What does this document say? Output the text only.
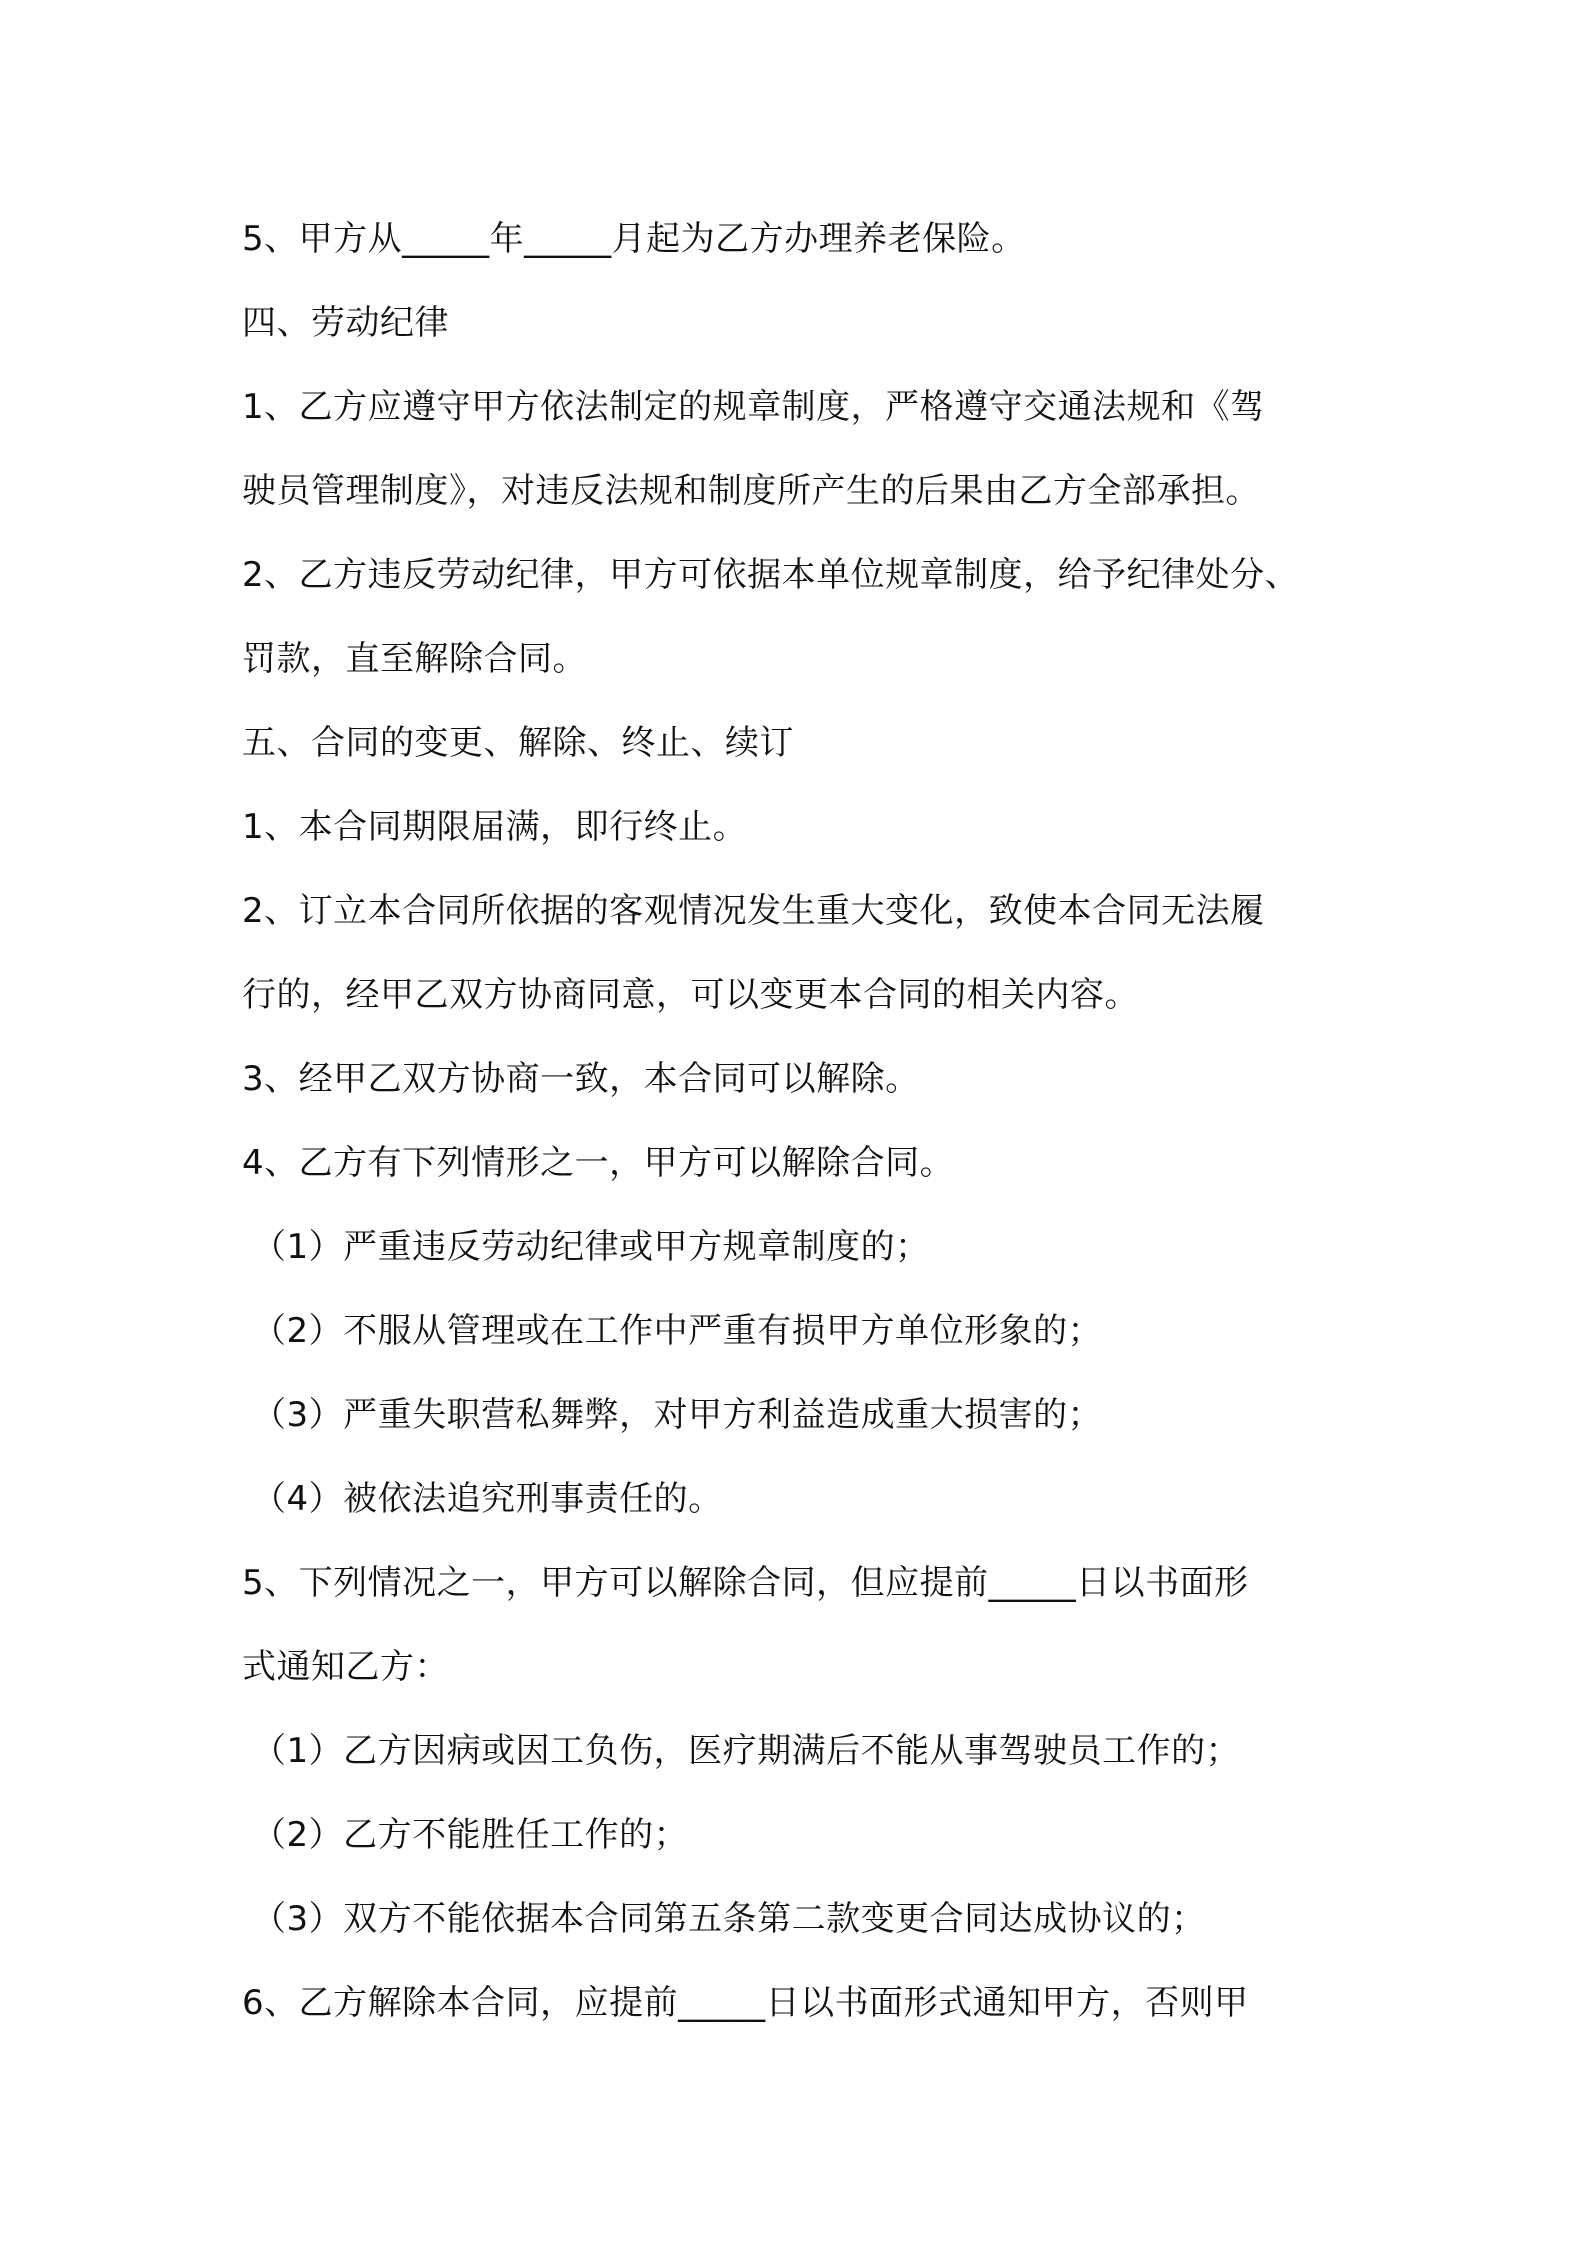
5、甲方从_____年_____月起为乙方办理养老保险。
四、劳动纪律
1、乙方应遵守甲方依法制定的规章制度，严格遵守交通法规和《驾
驶员管理制度》，对违反法规和制度所产生的后果由乙方全部承担。
2、乙方违反劳动纪律，甲方可依据本单位规章制度，给予纪律处分、
罚款，直至解除合同。
五、合同的变更、解除、终止、续订
1、本合同期限届满，即行终止。
2、订立本合同所依据的客观情况发生重大变化，致使本合同无法履
行的，经甲乙双方协商同意，可以变更本合同的相关内容。
3、经甲乙双方协商一致，本合同可以解除。
4、乙方有下列情形之一，甲方可以解除合同。
（1）严重违反劳动纪律或甲方规章制度的；
（2）不服从管理或在工作中严重有损甲方单位形象的；
（3）严重失职营私舞弊，对甲方利益造成重大损害的；
（4）被依法追究刑事责任的。
5、下列情况之一，甲方可以解除合同，但应提前_____日以书面形
式通知乙方：
（1）乙方因病或因工负伤，医疗期满后不能从事驾驶员工作的；
（2）乙方不能胜任工作的；
（3）双方不能依据本合同第五条第二款变更合同达成协议的；
6、乙方解除本合同，应提前_____日以书面形式通知甲方，否则甲
